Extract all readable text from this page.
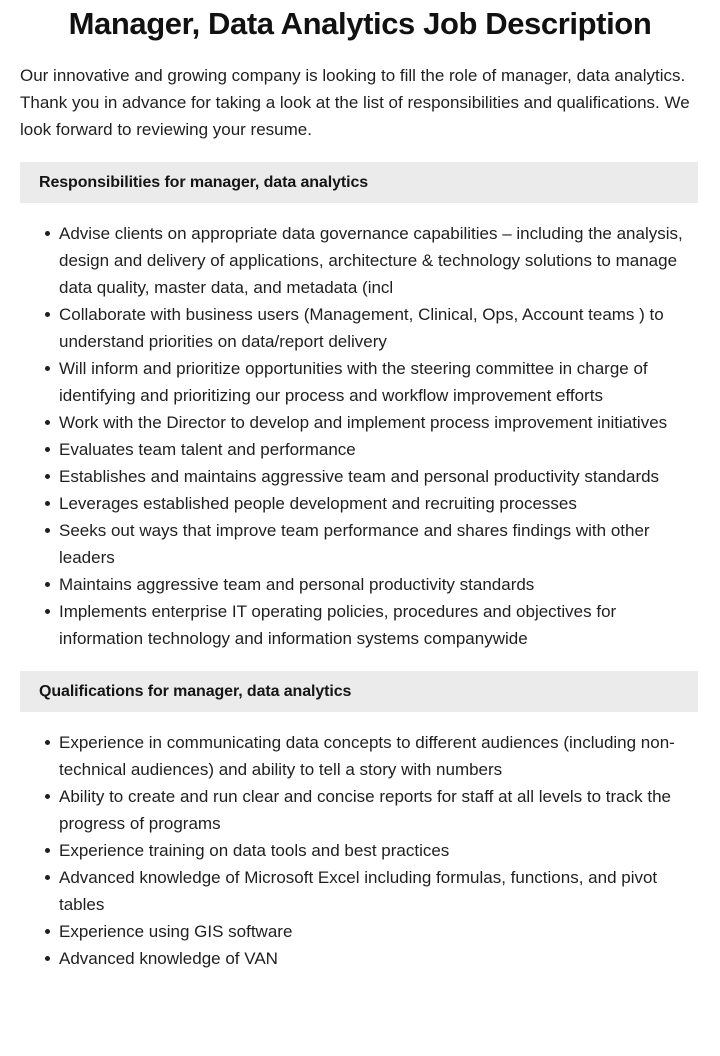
Manager, Data Analytics Job Description

Our innovative and growing company is looking to fill the role of manager, data analytics. Thank you in advance for taking a look at the list of responsibilities and qualifications. We look forward to reviewing your resume.

Responsibilities for manager, data analytics
Advise clients on appropriate data governance capabilities – including the analysis, design and delivery of applications, architecture & technology solutions to manage data quality, master data, and metadata (incl
Collaborate with business users (Management, Clinical, Ops, Account teams ) to understand priorities on data/report delivery
Will inform and prioritize opportunities with the steering committee in charge of identifying and prioritizing our process and workflow improvement efforts
Work with the Director to develop and implement process improvement initiatives
Evaluates team talent and performance
Establishes and maintains aggressive team and personal productivity standards
Leverages established people development and recruiting processes
Seeks out ways that improve team performance and shares findings with other leaders
Maintains aggressive team and personal productivity standards
Implements enterprise IT operating policies, procedures and objectives for information technology and information systems companywide
Qualifications for manager, data analytics
Experience in communicating data concepts to different audiences (including non-technical audiences) and ability to tell a story with numbers
Ability to create and run clear and concise reports for staff at all levels to track the progress of programs
Experience training on data tools and best practices
Advanced knowledge of Microsoft Excel including formulas, functions, and pivot tables
Experience using GIS software
Advanced knowledge of VAN
